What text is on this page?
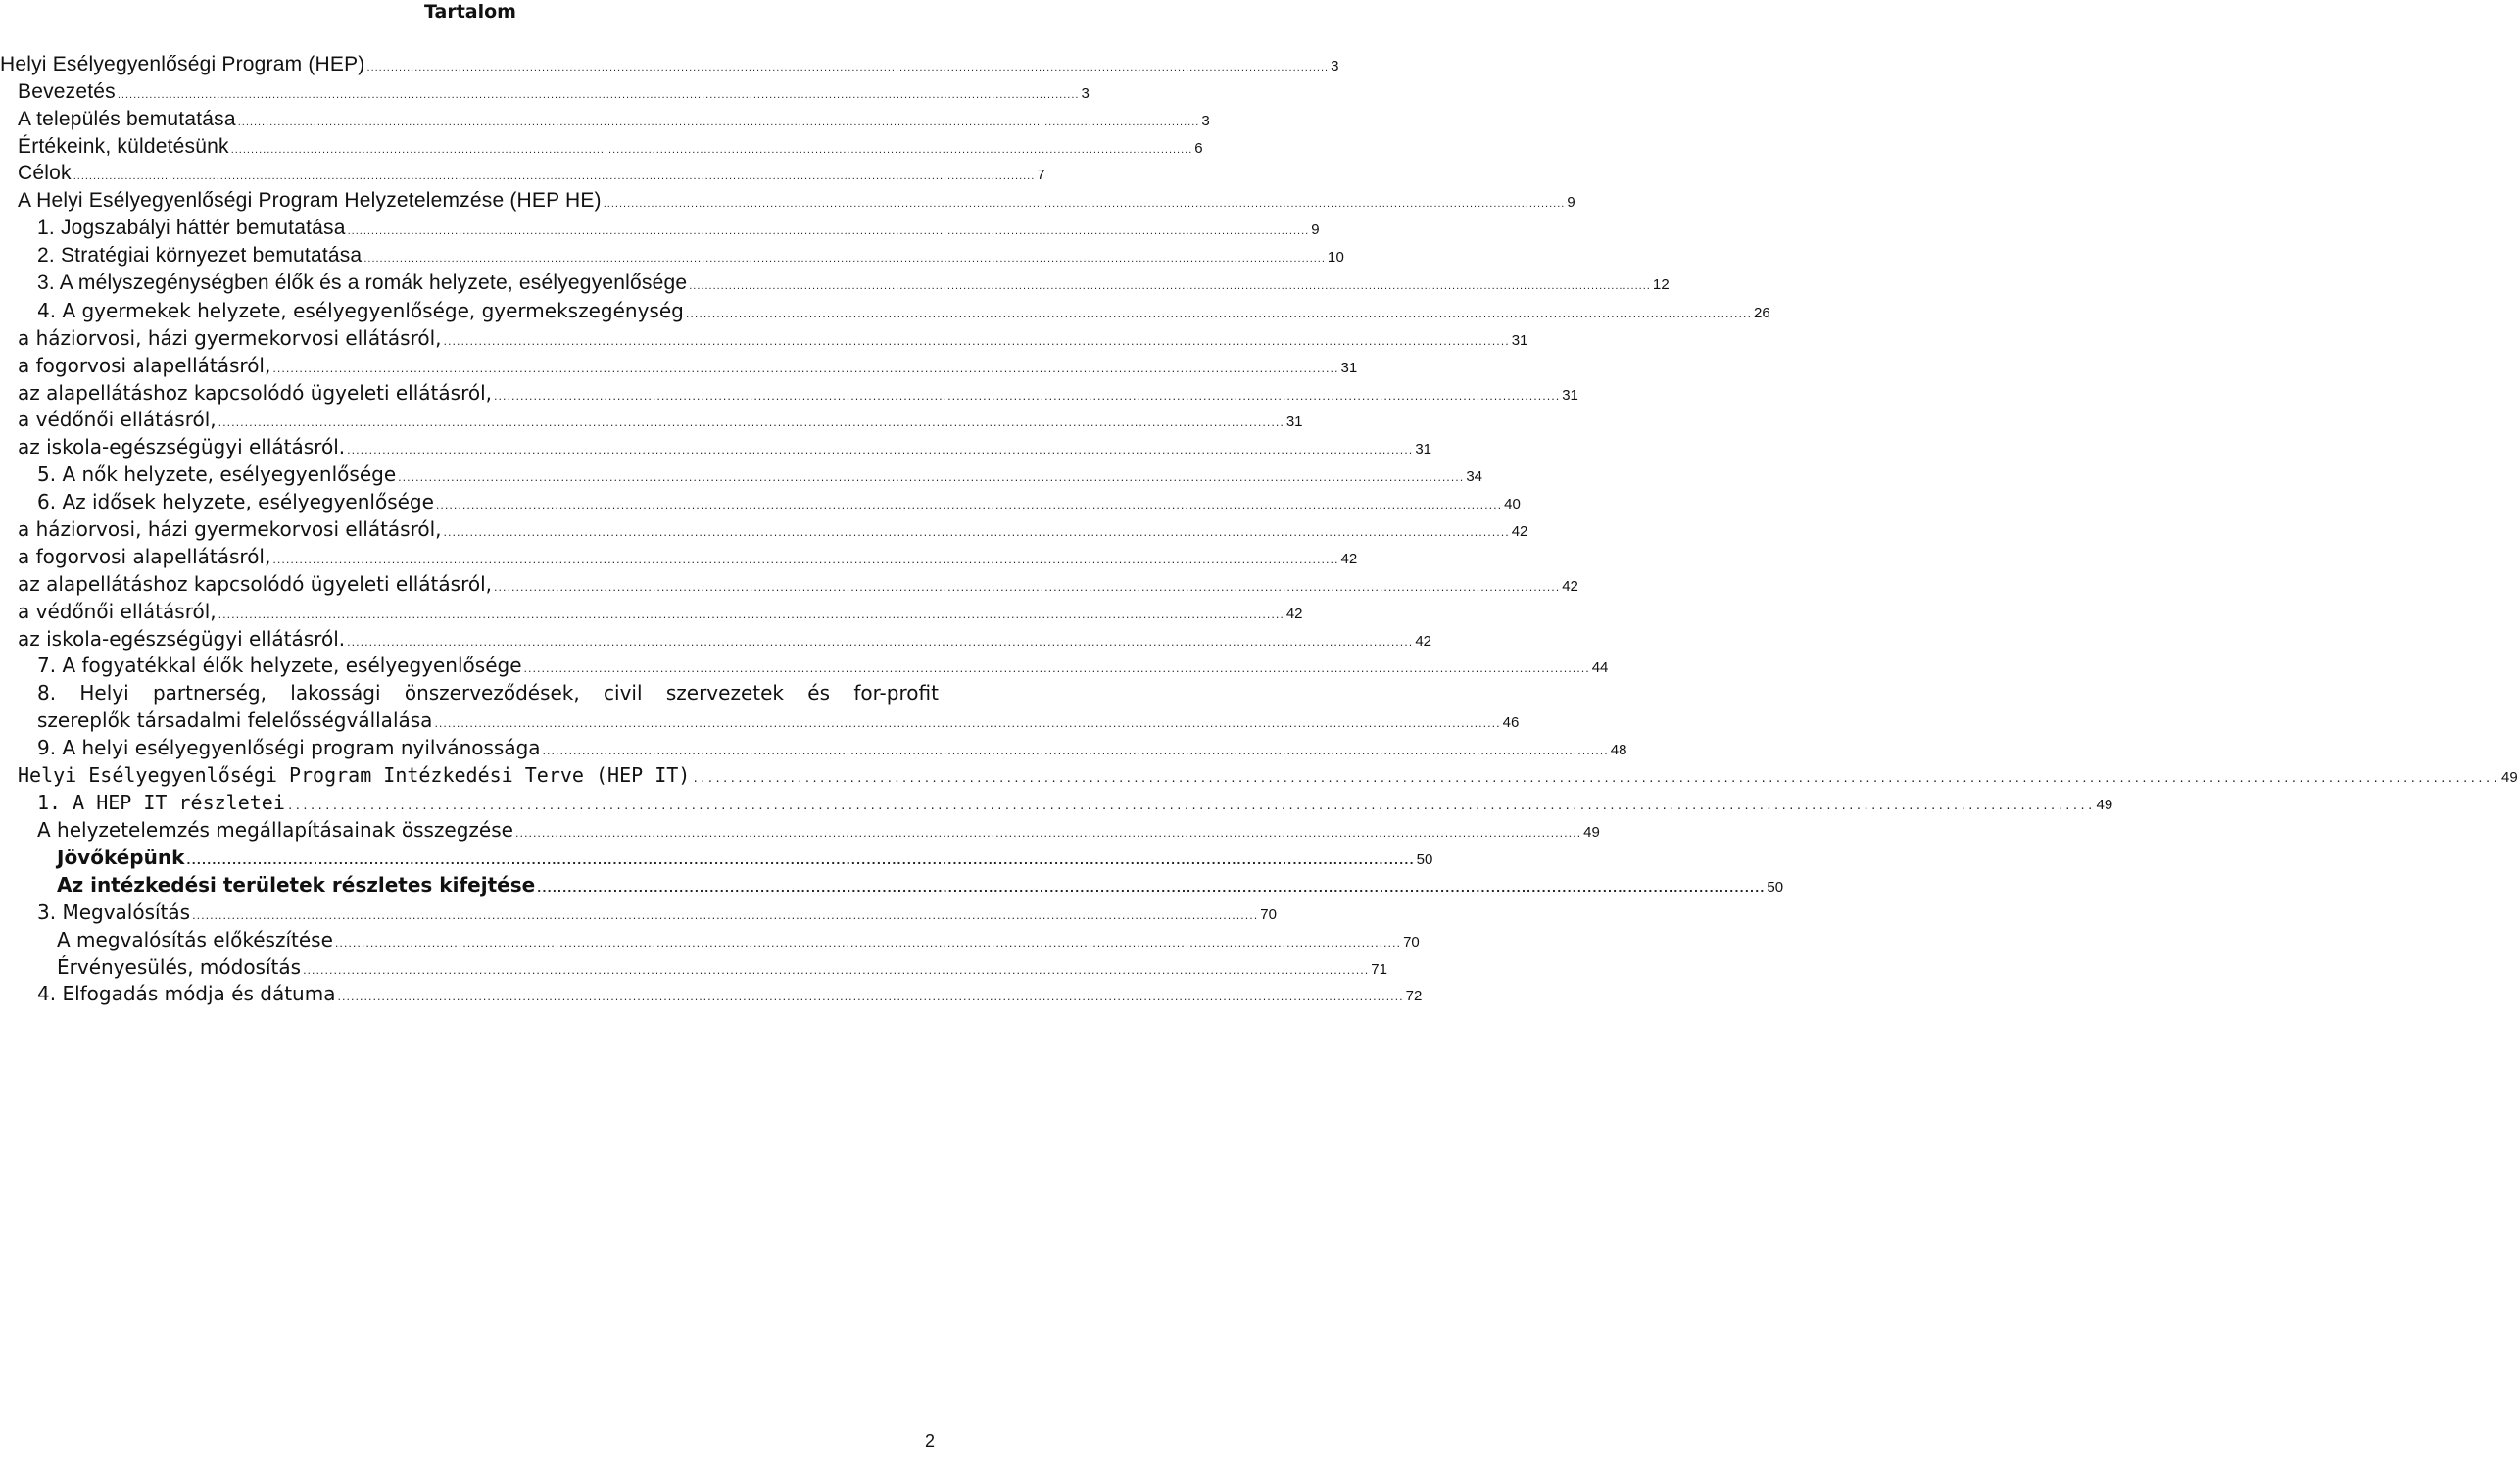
Tartalom
Helyi Esélyegyenlőségi Program (HEP) .....	3
Bevezetés .....	3
A település bemutatása .....	3
Értékeink, küldetésünk .....	6
Célok .....	7
A Helyi Esélyegyenlőségi Program Helyzetelemzése (HEP HE) .....	9
1. Jogszabályi háttér bemutatása .....	9
2. Stratégiai környezet bemutatása .....	10
3. A mélyszegénységben élők és a romák helyzete, esélyegyenlősége .....	12
4. A gyermekek helyzete, esélyegyenlősége, gyermekszegénység .....	26
a háziorvosi, házi gyermekorvosi ellátásról, .....	31
a fogorvosi alapellátásról, .....	31
az alapellátáshoz kapcsolódó ügyeleti ellátásról, .....	31
a védőnői ellátásról, .....	31
az iskola-egészségügyi ellátásról. .....	31
5. A nők helyzete, esélyegyenlősége .....	34
6. Az idősek helyzete, esélyegyenlősége .....	40
a háziorvosi, házi gyermekorvosi ellátásról, .....	42
a fogorvosi alapellátásról, .....	42
az alapellátáshoz kapcsolódó ügyeleti ellátásról, .....	42
a védőnői ellátásról, .....	42
az iskola-egészségügyi ellátásról. .....	42
7. A fogyatékkal élők helyzete, esélyegyenlősége .....	44
8. Helyi partnerség, lakossági önszerveződések, civil szervezetek és for-profit
szereplők társadalmi felelősségvállalása .....	46
9. A helyi esélyegyenlőségi program nyilvánossága .....	48
Helyi Esélyegyenlőségi Program Intézkedési Terve (HEP IT) .....	49
1. A HEP IT részletei .....	49
A helyzetelemzés megállapításainak összegzése .....	49
Jövőképünk .....	50
Az intézkedési területek részletes kifejtése .....	50
3. Megvalósítás .....	70
A megvalósítás előkészítése .....	70
Érvényesülés, módosítás .....	71
4. Elfogadás módja és dátuma .....	72
2
